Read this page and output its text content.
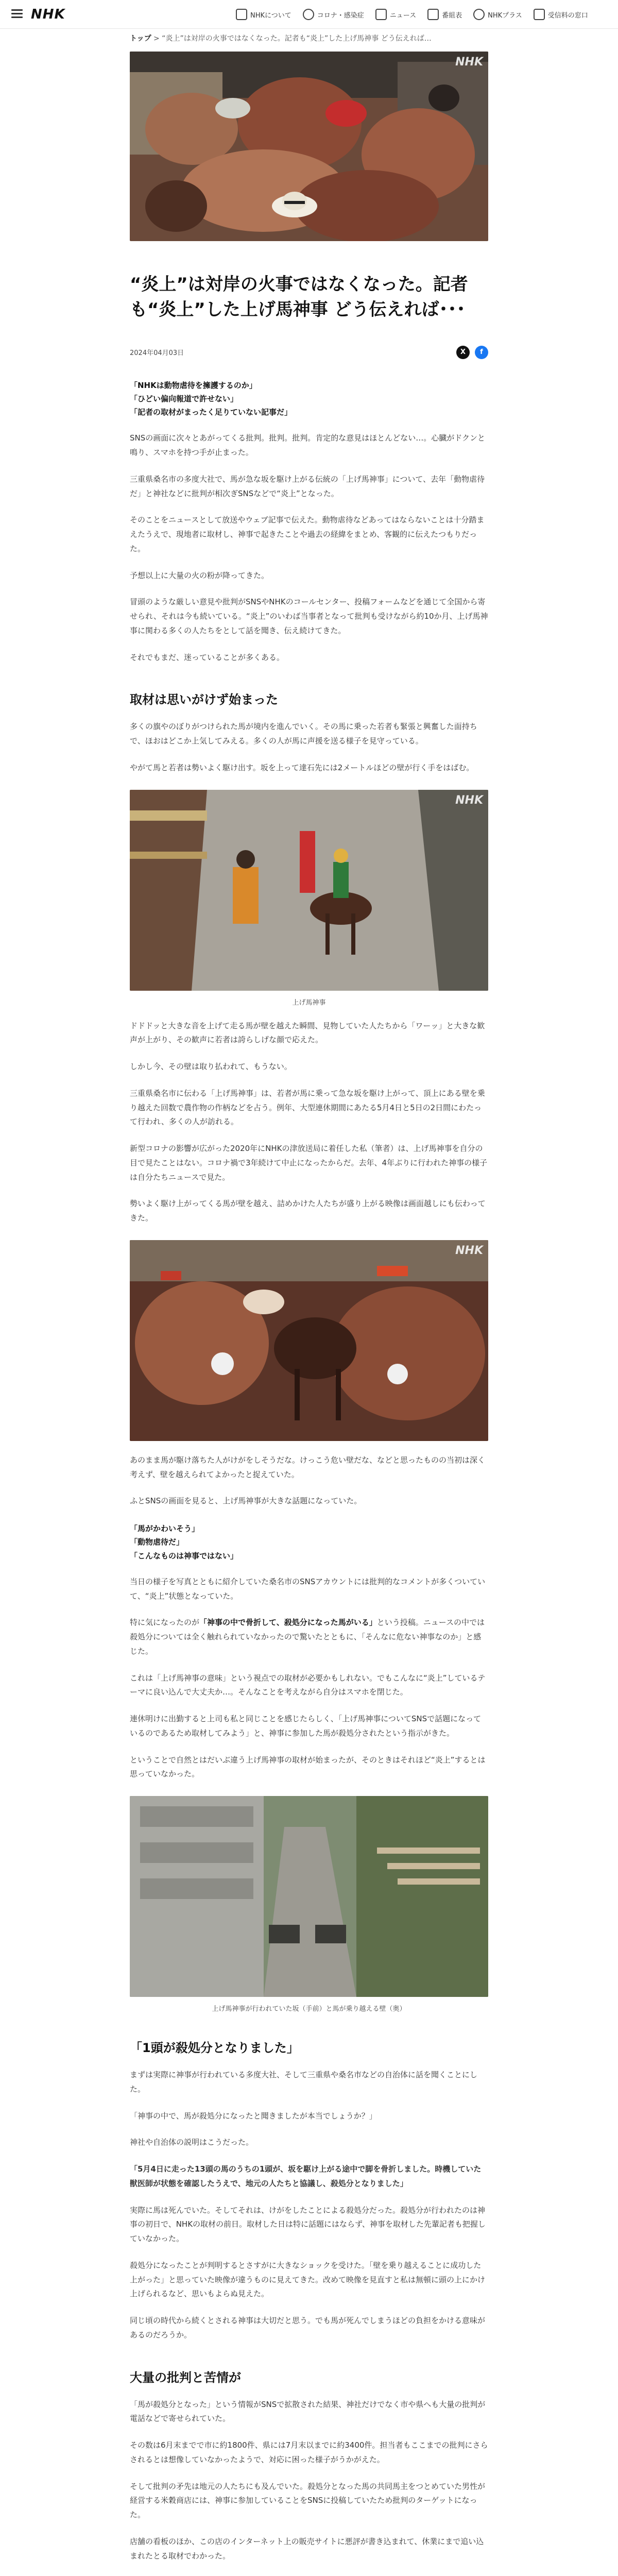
NHK	NHKについて	コロナ・感染症	ニュース	番組表	NHKプラス	受信料の窓口
トップ > “炎上”は対岸の火事ではなくなった。記者も“炎上”した上げ馬神事 どう伝えれば…
NHK
“炎上”は対岸の火事ではなくなった。記者も“炎上”した上げ馬神事 どう伝えれば･･･
2024年04月03日	X	f
「NHKは動物虐待を擁護するのか」
「ひどい偏向報道で許せない」
「記者の取材がまったく足りていない記事だ」

SNSの画面に次々とあがってくる批判。批判。批判。肯定的な意見はほとんどない…。心臓がドクンと鳴り、スマホを持つ手が止まった。

三重県桑名市の多度大社で、馬が急な坂を駆け上がる伝統の「上げ馬神事」について、去年「動物虐待だ」と神社などに批判が相次ぎSNSなどで“炎上”となった。

そのことをニュースとして放送やウェブ記事で伝えた。動物虐待などあってはならないことは十分踏まえたうえで、現地者に取材し、神事で起きたことや過去の経緯をまとめ、客観的に伝えたつもりだった。

予想以上に大量の火の粉が降ってきた。

冒頭のような厳しい意見や批判がSNSやNHKのコールセンター、投稿フォームなどを通じて全国から寄せられ、それは今も続いている。“炎上”のいわば当事者となって批判も受けながら約10か月、上げ馬神事に関わる多くの人たちをとして話を聞き、伝え続けてきた。

それでもまだ、迷っていることが多くある。

取材は思いがけず始まった

多くの旗やのぼりがつけられた馬が境内を進んでいく。その馬に乗った若者も緊張と興奮した面持ちで、ほおはどこか上気してみえる。多くの人が馬に声援を送る様子を見守っている。

やがて馬と若者は勢いよく駆け出す。坂を上って達石先には2メートルほどの壁が行く手をはばむ。

NHK
上げ馬神事

ドドドッと大きな音を上げて走る馬が壁を越えた瞬間、見物していた人たちから「ワーッ」と大きな歓声が上がり、その歓声に若者は誇らしげな顔で応えた。

しかし今、その壁は取り払われて、もうない。

三重県桑名市に伝わる「上げ馬神事」は、若者が馬に乗って急な坂を駆け上がって、頂上にある壁を乗り越えた回数で農作物の作柄などを占う。例年、大型連休期間にあたる5月4日と5日の2日間にわたって行われ、多くの人が訪れる。

新型コロナの影響が広がった2020年にNHKの津放送局に着任した私（筆者）は、上げ馬神事を自分の目で見たことはない。コロナ禍で3年続けて中止になったからだ。去年、4年ぶりに行われた神事の様子は自分たちニュースで見た。

勢いよく駆け上がってくる馬が壁を越え、詰めかけた人たちが盛り上がる映像は画面越しにも伝わってきた。

NHK

あのまま馬が駆け落ちた人がけがをしそうだな。けっこう危い壁だな、などと思ったものの当初は深く考えず、壁を越えられてよかったと捉えていた。

ふとSNSの画面を見ると、上げ馬神事が大きな話題になっていた。

「馬がかわいそう」
「動物虐待だ」
「こんなものは神事ではない」

当日の様子を写真とともに紹介していた桑名市のSNSアカウントには批判的なコメントが多くついていて、“炎上”状態となっていた。

特に気になったのが「神事の中で骨折して、殺処分になった馬がいる」という投稿。ニュースの中では殺処分については全く触れられていなかったので驚いたとともに、「そんなに危ない神事なのか」と感じた。

これは「上げ馬神事の意味」という視点での取材が必要かもしれない。でもこんなに“炎上”しているテーマに良い込んで大丈夫か…。そんなことを考えながら自分はスマホを閉じた。

連休明けに出勤すると上司も私と同じことを感じたらしく、「上げ馬神事についてSNSで話題になっているのであるため取材してみよう」と、神事に参加した馬が殺処分されたという指示がきた。

ということで自然とはだいぶ違う上げ馬神事の取材が始まったが、そのときはそれほど“炎上”するとは思っていなかった。

上げ馬神事が行われていた坂（手前）と馬が乗り越える壁（奥）
「1頭が殺処分となりました」

まずは実際に神事が行われている多度大社、そして三重県や桑名市などの自治体に話を聞くことにした。

「神事の中で、馬が殺処分になったと聞きましたが本当でしょうか？」

神社や自治体の説明はこうだった。

「5月4日に走った13頭の馬のうちの1頭が、坂を駆け上がる途中で脚を骨折しました。時機していた獣医師が状態を確認したうえで、地元の人たちと協議し、殺処分となりました」

実際に馬は死んでいた。そしてそれは、けがをしたことによる殺処分だった。殺処分が行われたのは神事の初日で、NHKの取材の前日。取材した日は特に話題にはならず、神事を取材した先輩記者も把握していなかった。

殺処分になったことが判明するとさすがに大きなショックを受けた。「壁を乗り越えることに成功した上がった」と思っていた映像が違うものに見えてきた。改めて映像を見直すと私は無頓に頭の上にかけ上げられるなど、思いもよらぬ見えた。

同じ頃の時代から続くとされる神事は大切だと思う。でも馬が死んでしまうほどの負担をかける意味があるのだろうか。

大量の批判と苦情が

「馬が殺処分となった」という情報がSNSで拡散された結果、神社だけでなく市や県へも大量の批判が電話などで寄せられていた。

その数は6月末までで市に約1800件、県には7月末以までに約3400件。担当者もここまでの批判にさらされるとは想像していなかったようで、対応に困った様子がうかがえた。

そして批判の矛先は地元の人たちにも及んでいた。殺処分となった馬の共同馬主をつとめていた男性が経営する米穀商店には、神事に参加していることをSNSに投稿していたため批判のターゲットになった。

店舗の看板のほか、この店のインターネット上の販売サイトに悪評が書き込まれて、休業にまで追い込まれたとる取材でわかった。
